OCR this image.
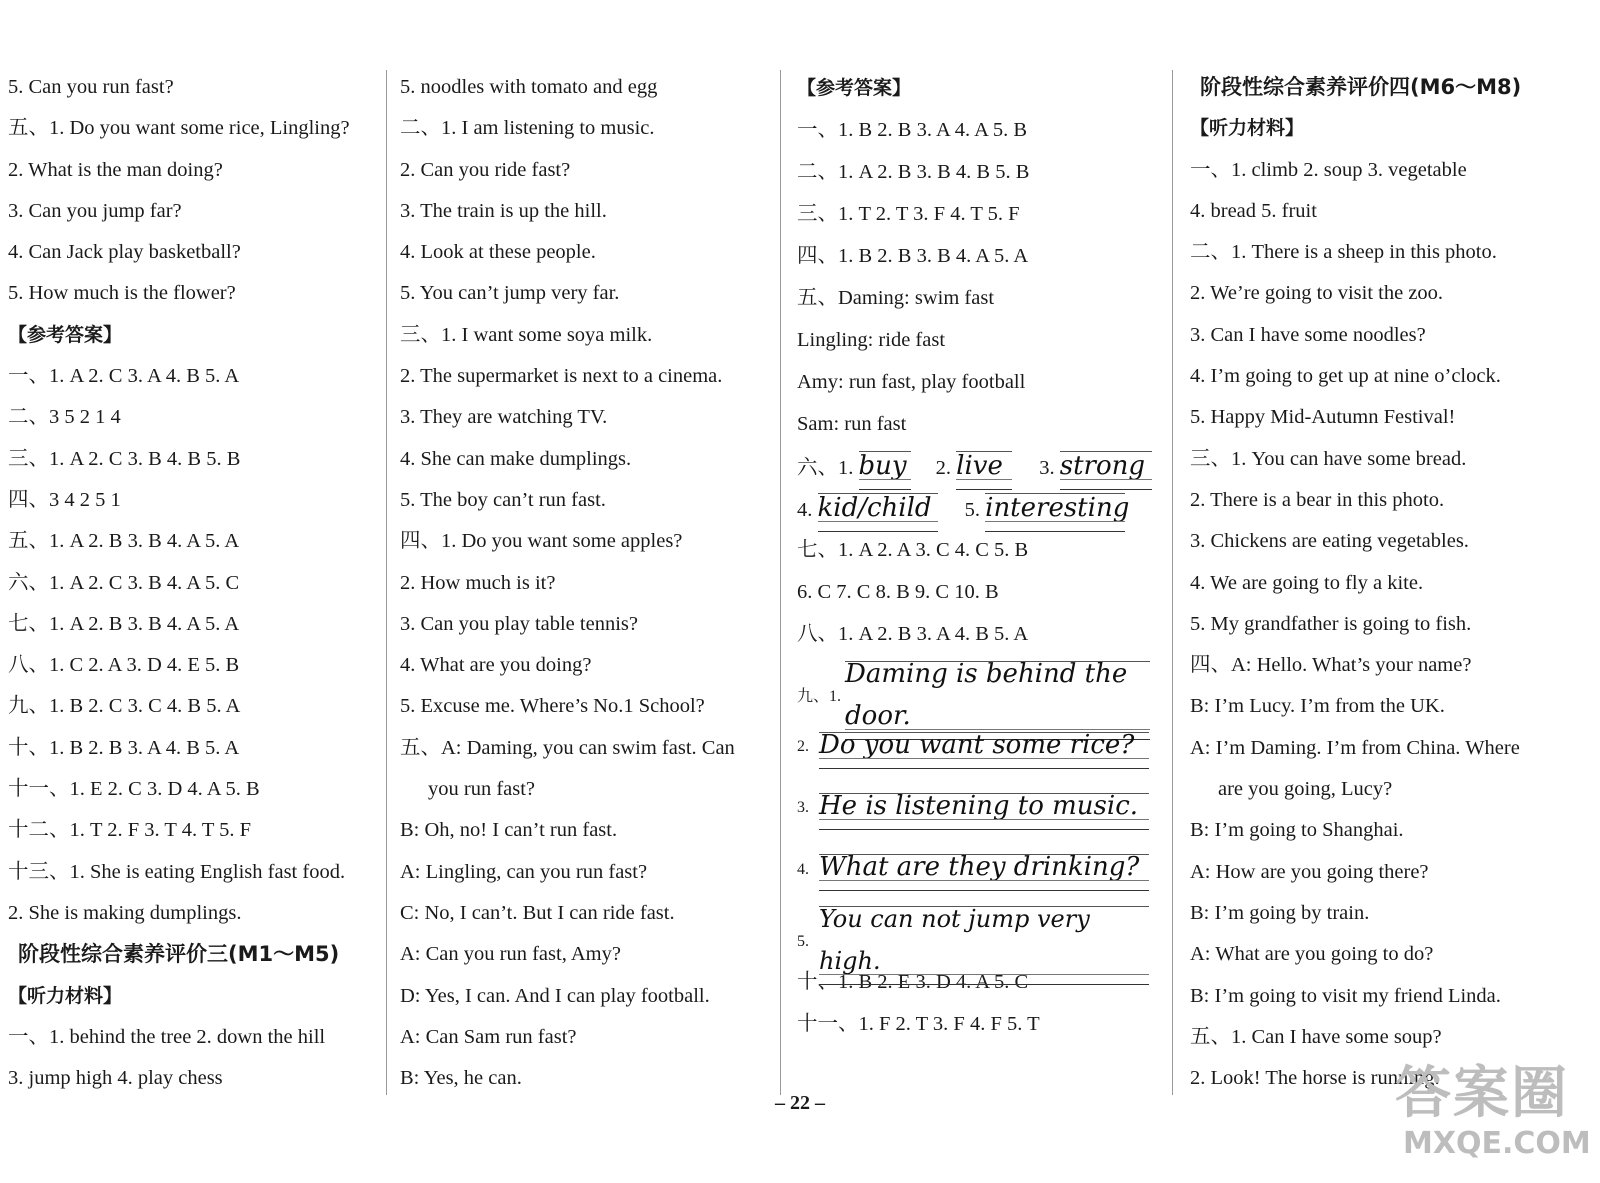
5. Can you run fast?
五、1. Do you want some rice, Lingling?
2. What is the man doing?
3. Can you jump far?
4. Can Jack play basketball?
5. How much is the flower?
【参考答案】
一、1. A 2. C 3. A 4. B 5. A
二、3 5 2 1 4
三、1. A 2. C 3. B 4. B 5. B
四、3 4 2 5 1
五、1. A 2. B 3. B 4. A 5. A
六、1. A 2. C 3. B 4. A 5. C
七、1. A 2. B 3. B 4. A 5. A
八、1. C 2. A 3. D 4. E 5. B
九、1. B 2. C 3. C 4. B 5. A
十、1. B 2. B 3. A 4. B 5. A
十一、1. E 2. C 3. D 4. A 5. B
十二、1. T 2. F 3. T 4. T 5. F
十三、1. She is eating English fast food.
2. She is making dumplings.
阶段性综合素养评价三(M1～M5)
【听力材料】
一、1. behind the tree 2. down the hill
3. jump high 4. play chess
5. noodles with tomato and egg
二、1. I am listening to music.
2. Can you ride fast?
3. The train is up the hill.
4. Look at these people.
5. You can’t jump very far.
三、1. I want some soya milk.
2. The supermarket is next to a cinema.
3. They are watching TV.
4. She can make dumplings.
5. The boy can’t run fast.
四、1. Do you want some apples?
2. How much is it?
3. Can you play table tennis?
4. What are you doing?
5. Excuse me. Where’s No.1 School?
五、A: Daming, you can swim fast. Can
you run fast?
B: Oh, no! I can’t run fast.
A: Lingling, can you run fast?
C: No, I can’t. But I can ride fast.
A: Can you run fast, Amy?
D: Yes, I can. And I can play football.
A: Can Sam run fast?
B: Yes, he can.
【参考答案】
一、1. B 2. B 3. A 4. A 5. B
二、1. A 2. B 3. B 4. B 5. B
三、1. T 2. T 3. F 4. T 5. F
四、1. B 2. B 3. B 4. A 5. A
五、Daming: swim fast
Lingling: ride fast
Amy: run fast, play football
Sam: run fast
六、1. buy 2. live 3. strong
4. kid/child 5. interesting
七、1. A 2. A 3. C 4. C 5. B
6. C 7. C 8. B 9. C 10. B
八、1. A 2. B 3. A 4. B 5. A
九、1. Daming is behind the door.
2. Do you want some rice?
3. He is listening to music.
4. What are they drinking?
5. You can not jump very high.
十、1. B 2. E 3. D 4. A 5. C
十一、1. F 2. T 3. F 4. F 5. T
阶段性综合素养评价四(M6～M8)
【听力材料】
一、1. climb 2. soup 3. vegetable
4. bread 5. fruit
二、1. There is a sheep in this photo.
2. We’re going to visit the zoo.
3. Can I have some noodles?
4. I’m going to get up at nine o’clock.
5. Happy Mid-Autumn Festival!
三、1. You can have some bread.
2. There is a bear in this photo.
3. Chickens are eating vegetables.
4. We are going to fly a kite.
5. My grandfather is going to fish.
四、A: Hello. What’s your name?
B: I’m Lucy. I’m from the UK.
A: I’m Daming. I’m from China. Where
are you going, Lucy?
B: I’m going to Shanghai.
A: How are you going there?
B: I’m going by train.
A: What are you going to do?
B: I’m going to visit my friend Linda.
五、1. Can I have some soup?
2. Look! The horse is running.
– 22 –	答案圈
MXQE.COM
